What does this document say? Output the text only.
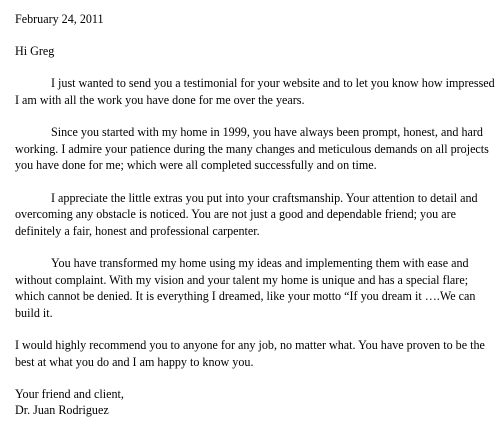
February 24, 2011

Hi Greg

I just wanted to send you a testimonial for your website and to let you know how impressed I am with all the work you have done for me over the years.

Since you started with my home in 1999, you have always been prompt, honest, and hard working. I admire your patience during the many changes and meticulous demands on all projects you have done for me; which were all completed successfully and on time.

I appreciate the little extras you put into your craftsmanship. Your attention to detail and overcoming any obstacle is noticed. You are not just a good and dependable friend; you are definitely a fair, honest and professional carpenter.

You have transformed my home using my ideas and implementing them with ease and without complaint. With my vision and your talent my home is unique and has a special flare; which cannot be denied. It is everything I dreamed, like your motto “If you dream it ….We can build it.

I would highly recommend you to anyone for any job, no matter what. You have proven to be the best at what you do and I am happy to know you.

Your friend and client,

Dr. Juan Rodriguez
